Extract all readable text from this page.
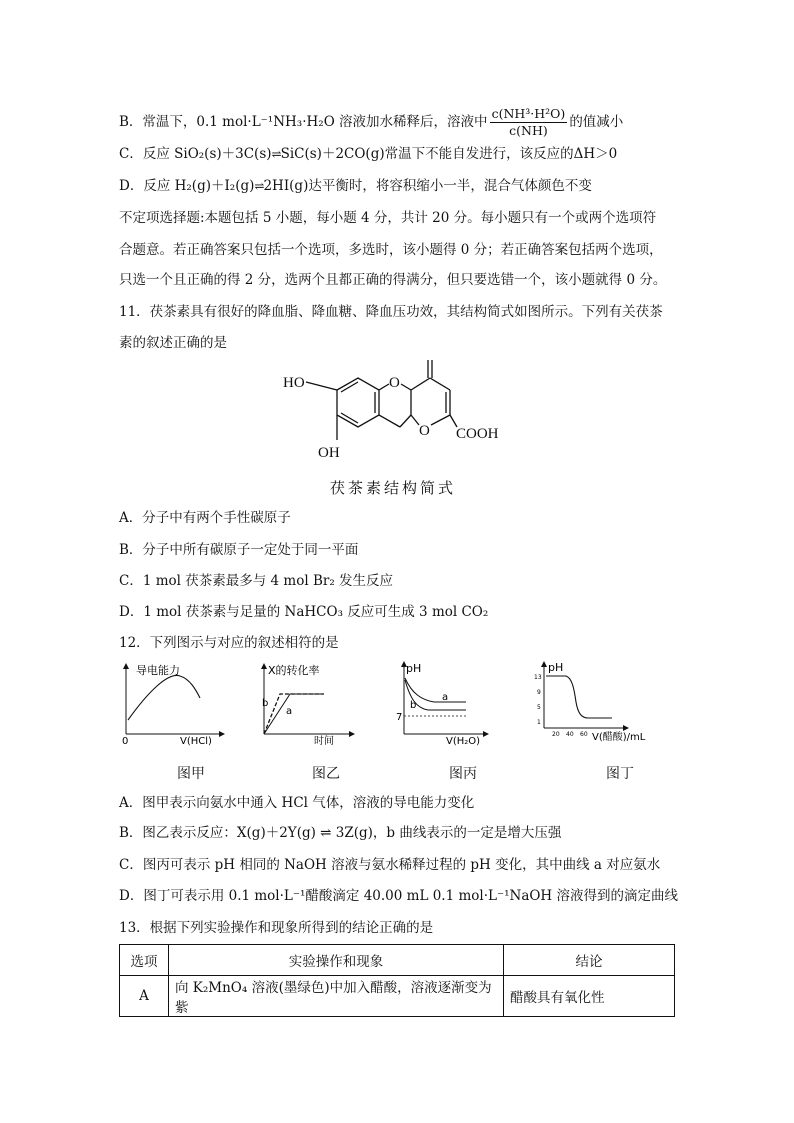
B．常温下，0.1 mol·L⁻¹NH₃·H₂O 溶液加水稀释后，溶液中 $\frac{\text{c(NH³·H²O)}}{c(NH)}$ 的值减小
C．反应 SiO₂(s)＋3C(s)⇌SiC(s)＋2CO(g)常温下不能自发进行，该反应的ΔH＞0
D．反应 H₂(g)＋I₂(g)⇌2HI(g)达平衡时，将容积缩小一半，混合气体颜色不变
不定项选择题:本题包括 5 小题，每小题 4 分，共计 20 分。每小题只有一个或两个选项符
合题意。若正确答案只包括一个选项，多选时，该小题得 0 分；若正确答案包括两个选项，
只选一个且正确的得 2 分，选两个且都正确的得满分，但只要选错一个，该小题就得 0 分。
11．茯茶素具有很好的降血脂、降血糖、降血压功效，其结构简式如图所示。下列有关茯茶
素的叙述正确的是
HO
OH
O
O COOH
茯茶素结构简式
A．分子中有两个手性碳原子
B．分子中所有碳原子一定处于同一平面
C．1 mol 茯茶素最多与 4 mol Br₂ 发生反应
D．1 mol 茯茶素与足量的 NaHCO₃ 反应可生成 3 mol CO₂
12．下列图示与对应的叙述相符的是
导电能力
0	V(HCl)
X的转化率
b
a
时间
pH
a
b
7
V(H₂O)
pH
13
9
5
1
20 40 60 V(醋酸)/mL
图甲	图乙	图丙	图丁
A．图甲表示向氨水中通入 HCl 气体，溶液的导电能力变化
B．图乙表示反应：X(g)＋2Y(g) ⇌ 3Z(g)，b 曲线表示的一定是增大压强
C．图丙可表示 pH 相同的 NaOH 溶液与氨水稀释过程的 pH 变化，其中曲线 a 对应氨水
D．图丁可表示用 0.1 mol·L⁻¹醋酸滴定 40.00 mL 0.1 mol·L⁻¹NaOH 溶液得到的滴定曲线
13．根据下列实验操作和现象所得到的结论正确的是
选项	实验操作和现象	结论
A	向 K₂MnO₄ 溶液(墨绿色)中加入醋酸，溶液逐渐变为紫	醋酸具有氧化性
